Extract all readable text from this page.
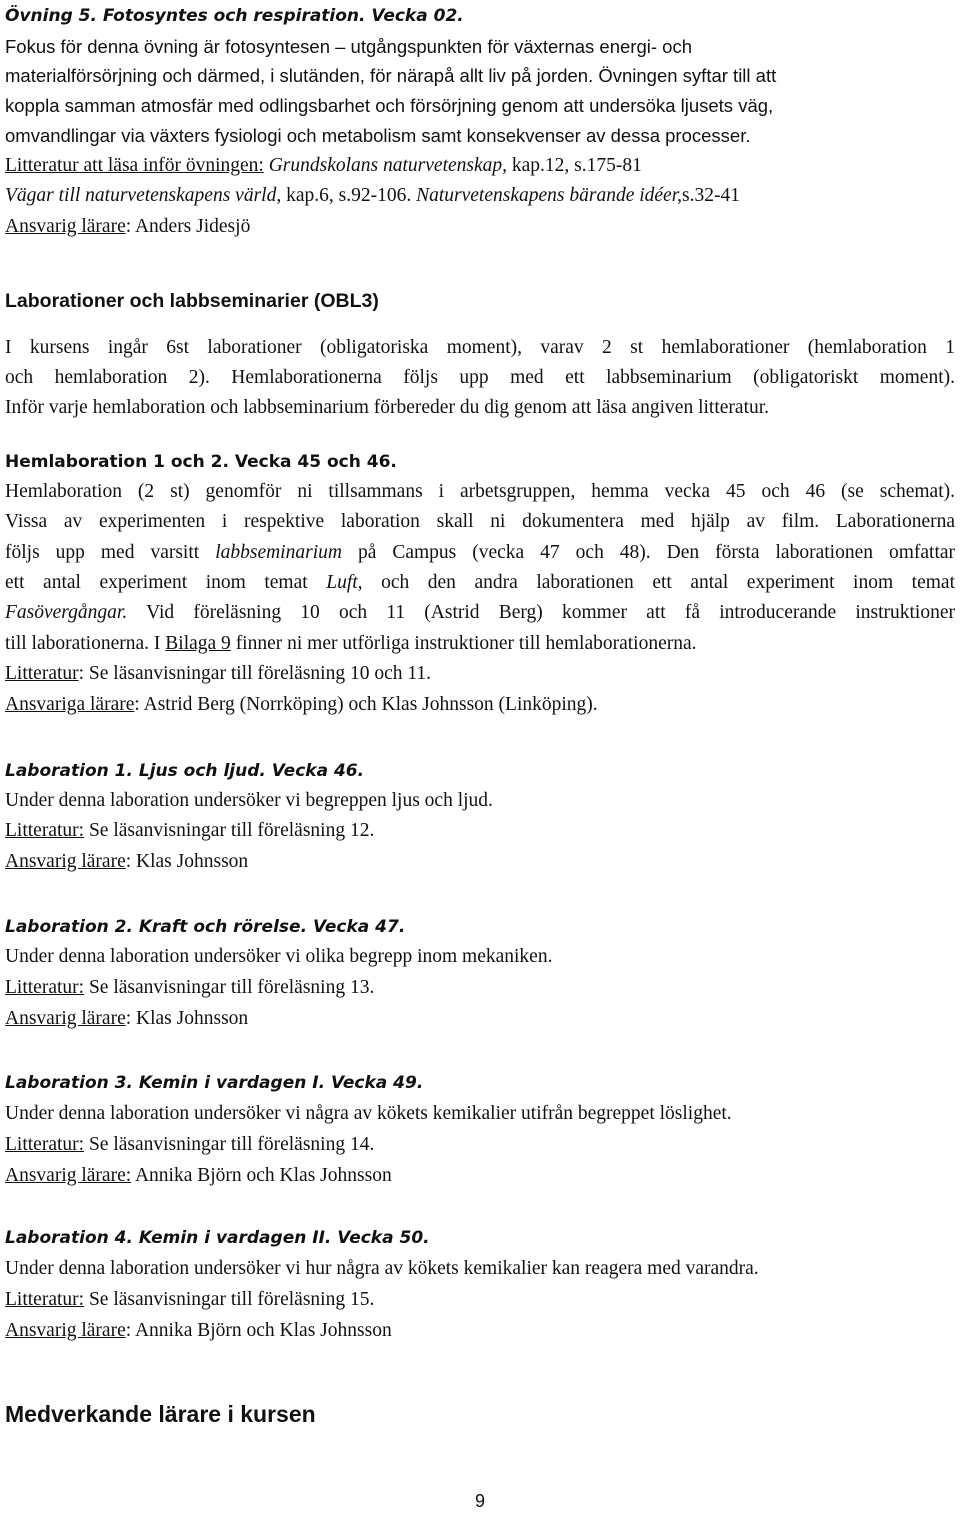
Övning 5. Fotosyntes och respiration. Vecka 02.
Fokus för denna övning är fotosyntesen – utgångspunkten för växternas energi- och
materialförsörjning och därmed, i slutänden, för närapå allt liv på jorden. Övningen syftar till att
koppla samman atmosfär med odlingsbarhet och försörjning genom att undersöka ljusets väg,
omvandlingar via växters fysiologi och metabolism samt konsekvenser av dessa processer.
Litteratur att läsa inför övningen: Grundskolans naturvetenskap, kap.12, s.175-81
Vägar till naturvetenskapens värld, kap.6, s.92-106. Naturvetenskapens bärande idéer,s.32-41
Ansvarig lärare: Anders Jidesjö
Laborationer och labbseminarier (OBL3)
I kursens ingår 6st laborationer (obligatoriska moment), varav 2 st hemlaborationer (hemlaboration 1
och hemlaboration 2). Hemlaborationerna följs upp med ett labbseminarium (obligatoriskt moment).
Inför varje hemlaboration och labbseminarium förbereder du dig genom att läsa angiven litteratur.
Hemlaboration 1 och 2. Vecka 45 och 46.
Hemlaboration (2 st) genomför ni tillsammans i arbetsgruppen, hemma vecka 45 och 46 (se schemat).
Vissa av experimenten i respektive laboration skall ni dokumentera med hjälp av film. Laborationerna
följs upp med varsitt labbseminarium på Campus (vecka 47 och 48). Den första laborationen omfattar
ett antal experiment inom temat Luft, och den andra laborationen ett antal experiment inom temat
Fasövergångar. Vid föreläsning 10 och 11 (Astrid Berg) kommer att få introducerande instruktioner
till laborationerna. I Bilaga 9 finner ni mer utförliga instruktioner till hemlaborationerna.
Litteratur: Se läsanvisningar till föreläsning 10 och 11.
Ansvariga lärare: Astrid Berg (Norrköping) och Klas Johnsson (Linköping).
Laboration 1. Ljus och ljud. Vecka 46.
Under denna laboration undersöker vi begreppen ljus och ljud.
Litteratur: Se läsanvisningar till föreläsning 12.
Ansvarig lärare: Klas Johnsson
Laboration 2. Kraft och rörelse. Vecka 47.
Under denna laboration undersöker vi olika begrepp inom mekaniken.
Litteratur: Se läsanvisningar till föreläsning 13.
Ansvarig lärare: Klas Johnsson
Laboration 3. Kemin i vardagen I. Vecka 49.
Under denna laboration undersöker vi några av kökets kemikalier utifrån begreppet löslighet.
Litteratur: Se läsanvisningar till föreläsning 14.
Ansvarig lärare: Annika Björn och Klas Johnsson
Laboration 4. Kemin i vardagen II. Vecka 50.
Under denna laboration undersöker vi hur några av kökets kemikalier kan reagera med varandra.
Litteratur: Se läsanvisningar till föreläsning 15.
Ansvarig lärare: Annika Björn och Klas Johnsson
Medverkande lärare i kursen
9
